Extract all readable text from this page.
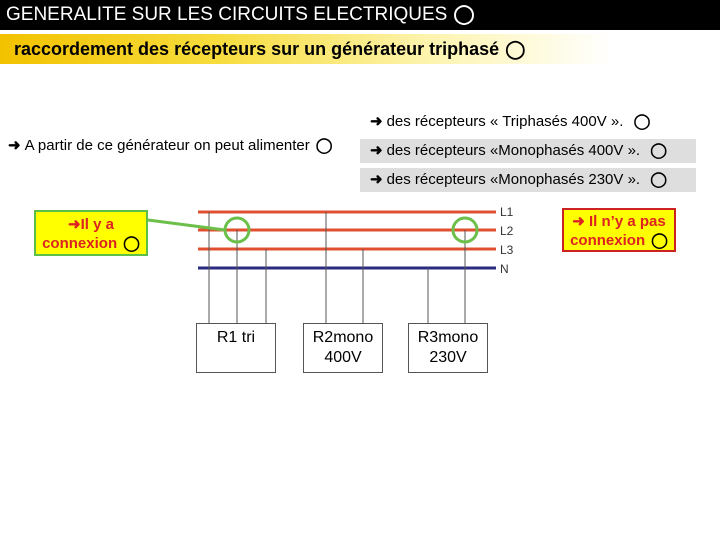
GENERALITE SUR LES CIRCUITS ELECTRIQUES ◯
raccordement des récepteurs sur un générateur triphasé ◯
➜ des récepteurs « Triphasés 400V ». ◯
➜ A partir de ce générateur on peut alimenter ◯	➜ des récepteurs «Monophasés 400V ». ◯
➜ des récepteurs «Monophasés 230V ». ◯
L1
L2
L3
N
➜Il y a
connexion ◯
➜ Il n’y a pas
connexion ◯
R1 tri	R2mono
400V
R3mono
230V
